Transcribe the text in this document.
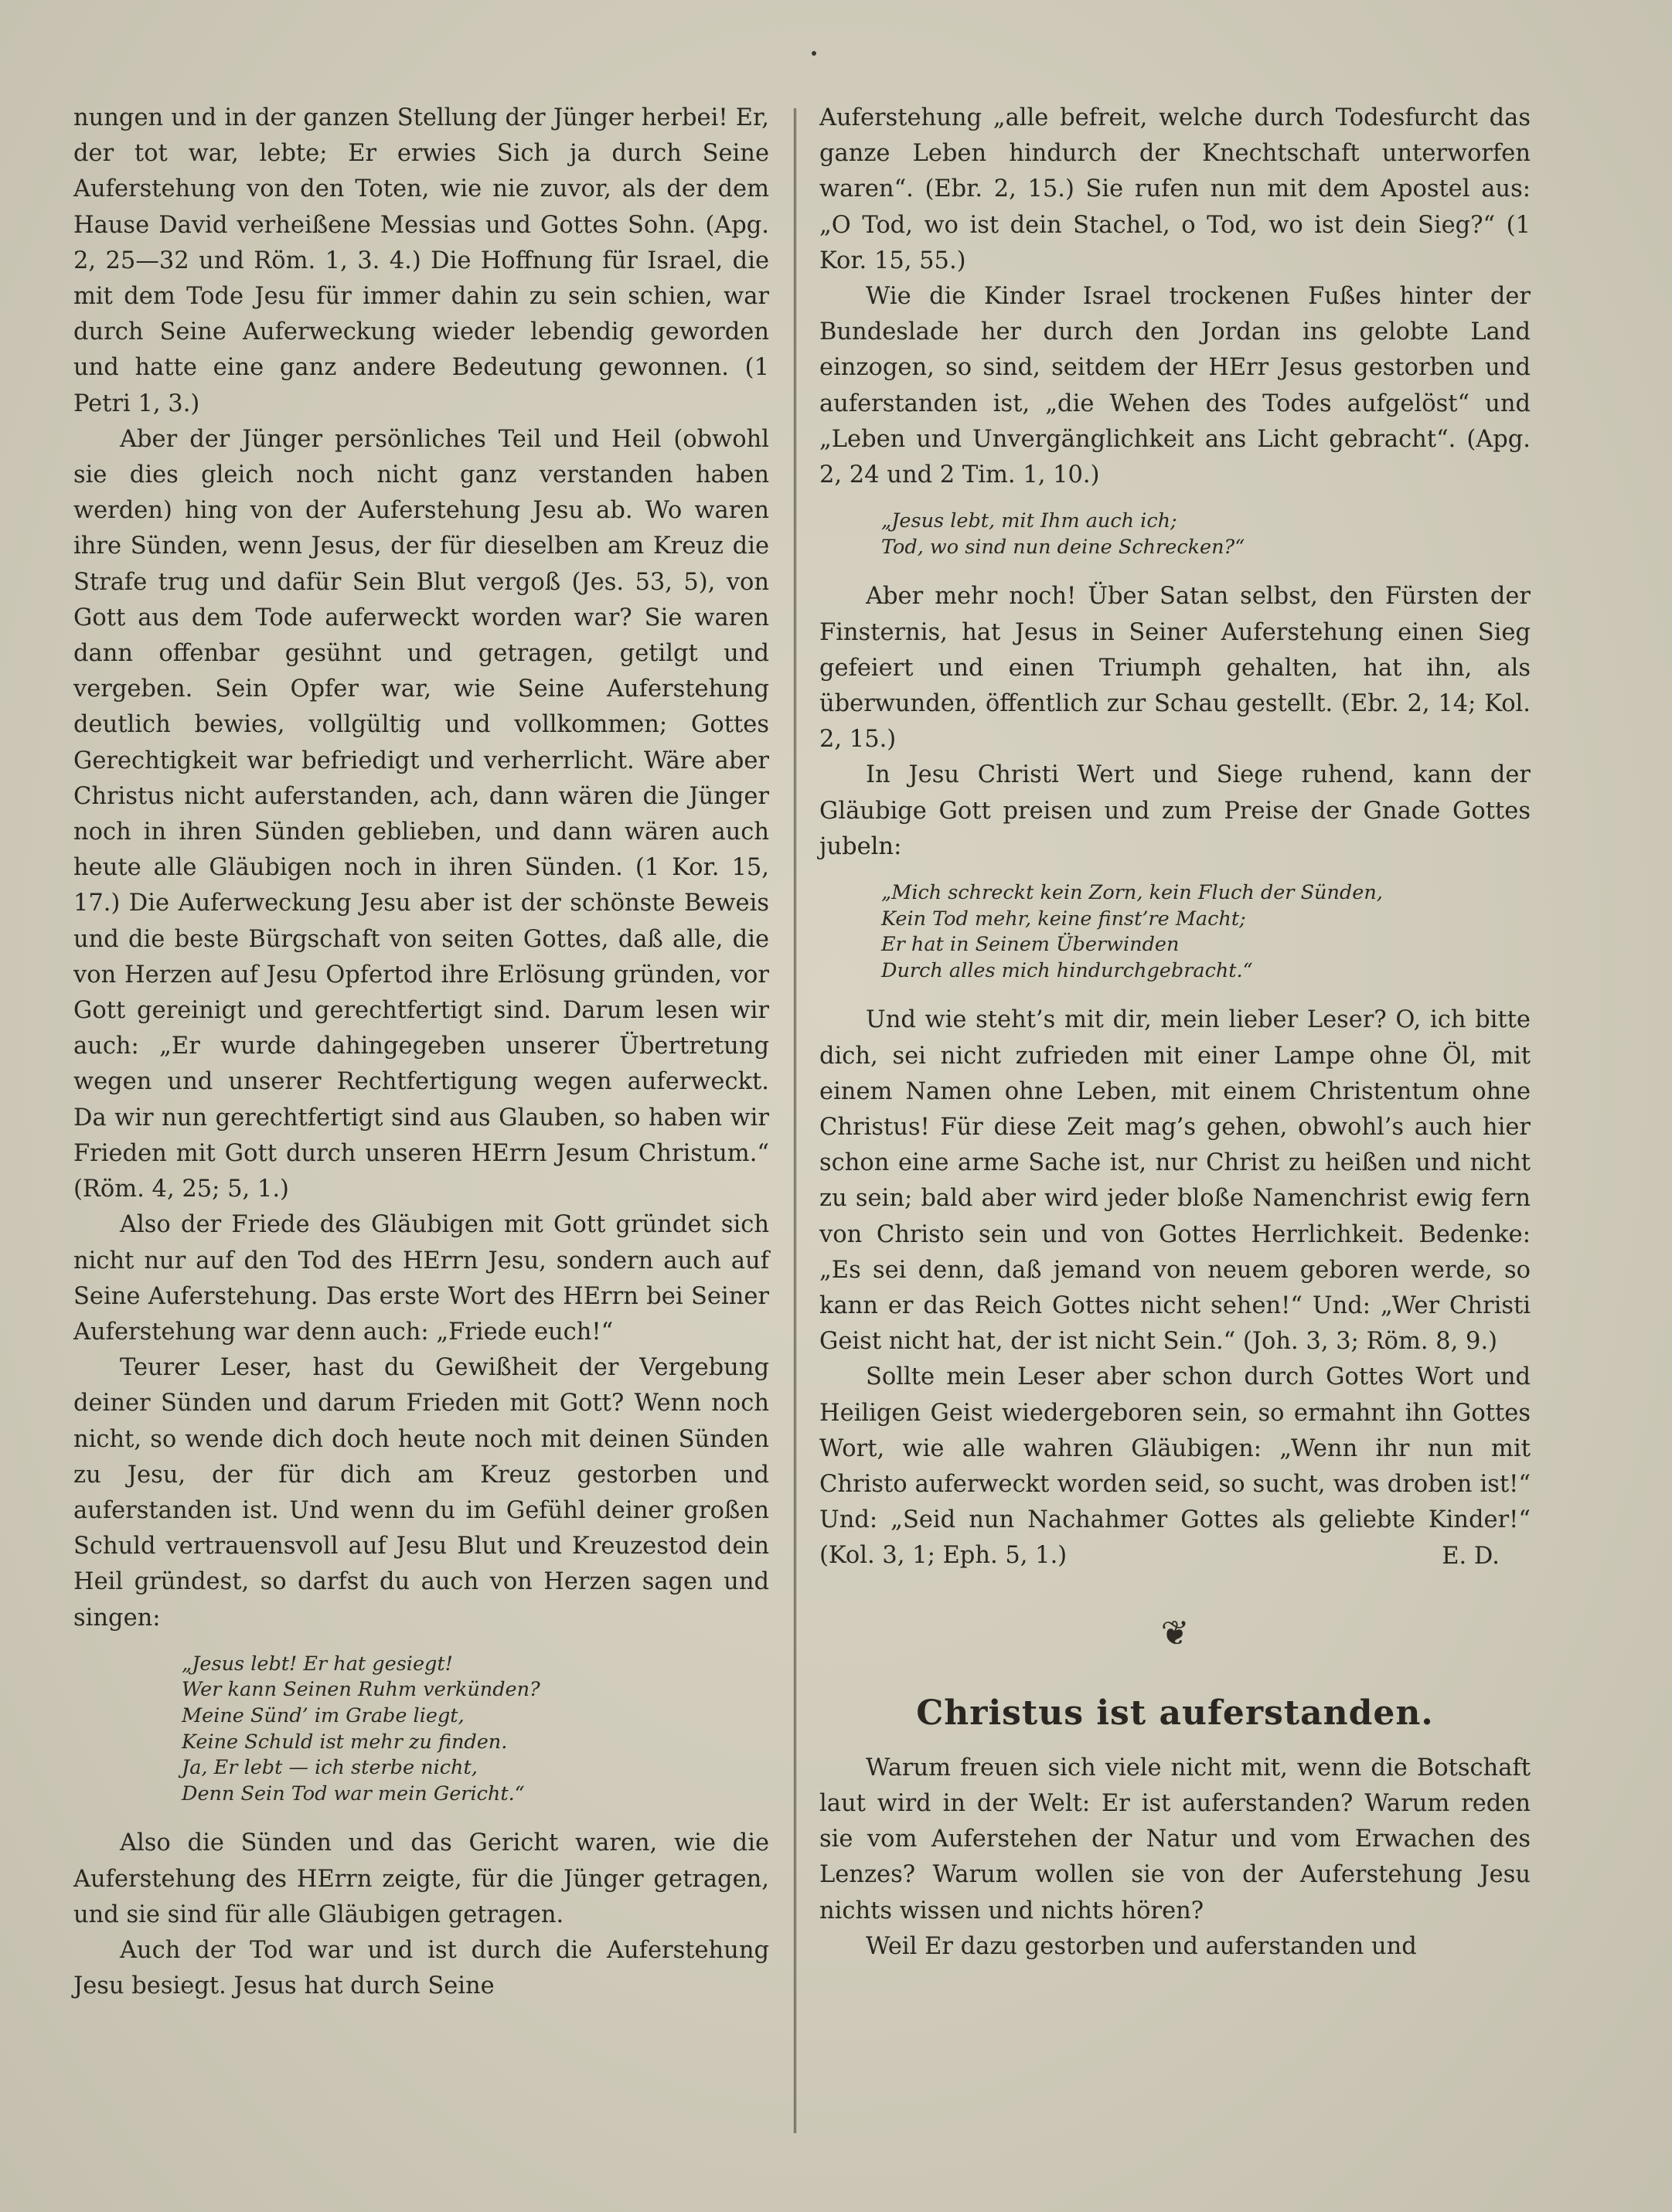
nungen und in der ganzen Stellung der Jünger herbei! Er, der tot war, lebte; Er erwies Sich ja durch Seine Auferstehung von den Toten, wie nie zuvor, als der dem Hause David verheißene Messias und Gottes Sohn. (Apg. 2, 25—32 und Röm. 1, 3. 4.) Die Hoffnung für Israel, die mit dem Tode Jesu für immer dahin zu sein schien, war durch Seine Auferweckung wieder lebendig geworden und hatte eine ganz andere Bedeutung gewonnen. (1 Petri 1, 3.)

Aber der Jünger persönliches Teil und Heil (obwohl sie dies gleich noch nicht ganz verstanden haben werden) hing von der Auferstehung Jesu ab. Wo waren ihre Sünden, wenn Jesus, der für dieselben am Kreuz die Strafe trug und dafür Sein Blut vergoß (Jes. 53, 5), von Gott aus dem Tode auferweckt worden war? Sie waren dann offenbar gesühnt und getragen, getilgt und vergeben. Sein Opfer war, wie Seine Auferstehung deutlich bewies, vollgültig und vollkommen; Gottes Gerechtigkeit war befriedigt und verherrlicht. Wäre aber Christus nicht auferstanden, ach, dann wären die Jünger noch in ihren Sünden geblieben, und dann wären auch heute alle Gläubigen noch in ihren Sünden. (1 Kor. 15, 17.) Die Auferweckung Jesu aber ist der schönste Beweis und die beste Bürgschaft von seiten Gottes, daß alle, die von Herzen auf Jesu Opfertod ihre Erlösung gründen, vor Gott gereinigt und gerechtfertigt sind. Darum lesen wir auch: „Er wurde dahingegeben unserer Übertretung wegen und unserer Rechtfertigung wegen auferweckt. Da wir nun gerechtfertigt sind aus Glauben, so haben wir Frieden mit Gott durch unseren HErrn Jesum Christum.“ (Röm. 4, 25; 5, 1.)

Also der Friede des Gläubigen mit Gott gründet sich nicht nur auf den Tod des HErrn Jesu, sondern auch auf Seine Auferstehung. Das erste Wort des HErrn bei Seiner Auferstehung war denn auch: „Friede euch!“

Teurer Leser, hast du Gewißheit der Vergebung deiner Sünden und darum Frieden mit Gott? Wenn noch nicht, so wende dich doch heute noch mit deinen Sünden zu Jesu, der für dich am Kreuz gestorben und auferstanden ist. Und wenn du im Gefühl deiner großen Schuld vertrauensvoll auf Jesu Blut und Kreuzestod dein Heil gründest, so darfst du auch von Herzen sagen und singen:

„Jesus lebt! Er hat gesiegt!
Wer kann Seinen Ruhm verkünden?
Meine Sünd’ im Grabe liegt,
Keine Schuld ist mehr zu finden.
Ja, Er lebt — ich sterbe nicht,
Denn Sein Tod war mein Gericht.“

Also die Sünden und das Gericht waren, wie die Auferstehung des HErrn zeigte, für die Jünger getragen, und sie sind für alle Gläubigen getragen.

Auch der Tod war und ist durch die Auferstehung Jesu besiegt. Jesus hat durch Seine

Auferstehung „alle befreit, welche durch Todesfurcht das ganze Leben hindurch der Knechtschaft unterworfen waren“. (Ebr. 2, 15.) Sie rufen nun mit dem Apostel aus: „O Tod, wo ist dein Stachel, o Tod, wo ist dein Sieg?“ (1 Kor. 15, 55.)

Wie die Kinder Israel trockenen Fußes hinter der Bundeslade her durch den Jordan ins gelobte Land einzogen, so sind, seitdem der HErr Jesus gestorben und auferstanden ist, „die Wehen des Todes aufgelöst“ und „Leben und Unvergänglichkeit ans Licht gebracht“. (Apg. 2, 24 und 2 Tim. 1, 10.)

„Jesus lebt, mit Ihm auch ich;
Tod, wo sind nun deine Schrecken?“

Aber mehr noch! Über Satan selbst, den Fürsten der Finsternis, hat Jesus in Seiner Auferstehung einen Sieg gefeiert und einen Triumph gehalten, hat ihn, als überwunden, öffentlich zur Schau gestellt. (Ebr. 2, 14; Kol. 2, 15.)

In Jesu Christi Wert und Siege ruhend, kann der Gläubige Gott preisen und zum Preise der Gnade Gottes jubeln:

„Mich schreckt kein Zorn, kein Fluch der Sünden,
Kein Tod mehr, keine finst’re Macht;
Er hat in Seinem Überwinden
Durch alles mich hindurchgebracht.“

Und wie steht’s mit dir, mein lieber Leser? O, ich bitte dich, sei nicht zufrieden mit einer Lampe ohne Öl, mit einem Namen ohne Leben, mit einem Christentum ohne Christus! Für diese Zeit mag’s gehen, obwohl’s auch hier schon eine arme Sache ist, nur Christ zu heißen und nicht zu sein; bald aber wird jeder bloße Namenchrist ewig fern von Christo sein und von Gottes Herrlichkeit. Bedenke: „Es sei denn, daß jemand von neuem geboren werde, so kann er das Reich Gottes nicht sehen!“ Und: „Wer Christi Geist nicht hat, der ist nicht Sein.“ (Joh. 3, 3; Röm. 8, 9.)

Sollte mein Leser aber schon durch Gottes Wort und Heiligen Geist wiedergeboren sein, so ermahnt ihn Gottes Wort, wie alle wahren Gläubigen: „Wenn ihr nun mit Christo auferweckt worden seid, so sucht, was droben ist!“ Und: „Seid nun Nachahmer Gottes als geliebte Kinder!“ (Kol. 3, 1; Eph. 5, 1.)	E. D.
❦
Christus ist auferstanden.

Warum freuen sich viele nicht mit, wenn die Botschaft laut wird in der Welt: Er ist auferstanden? Warum reden sie vom Auferstehen der Natur und vom Erwachen des Lenzes? Warum wollen sie von der Auferstehung Jesu nichts wissen und nichts hören?

Weil Er dazu gestorben und auferstanden und
